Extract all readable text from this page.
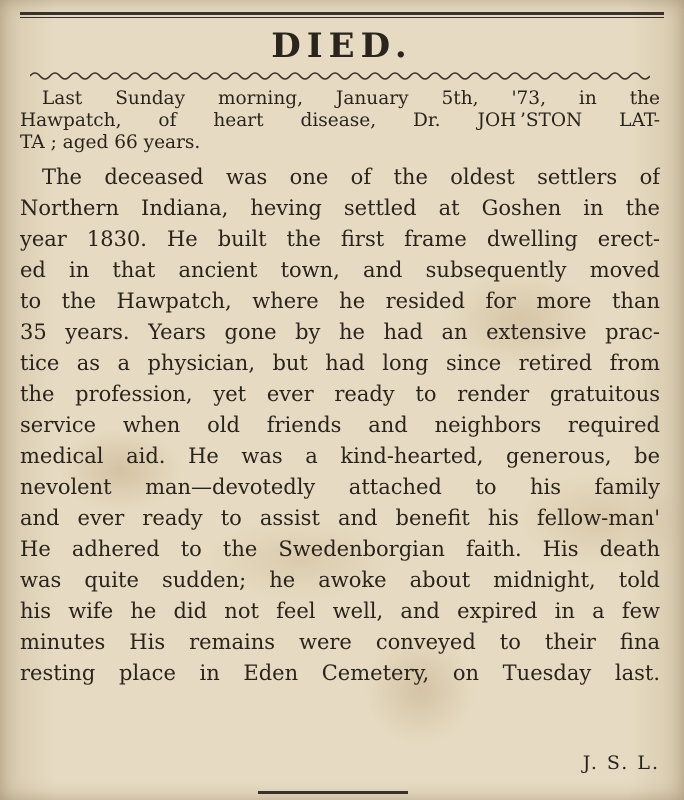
DIED.
Last Sunday morning, January 5th, '73, in the
Hawpatch, of heart disease, Dr. JOH ’STON LAT-
TA ; aged 66 years.
The deceased was one of the oldest settlers of
Northern Indiana, heving settled at Goshen in the
year 1830. He built the first frame dwelling erect-
ed in that ancient town, and subsequently moved
to the Hawpatch, where he resided for more than
35 years. Years gone by he had an extensive prac-
tice as a physician, but had long since retired from
the profession, yet ever ready to render gratuitous
service when old friends and neighbors required
medical aid. He was a kind-hearted, generous, be
nevolent man—devotedly attached to his family
and ever ready to assist and benefit his fellow-man'
He adhered to the Swedenborgian faith. His death
was quite sudden; he awoke about midnight, told
his wife he did not feel well, and expired in a few
minutes His remains were conveyed to their fina
resting place in Eden Cemetery, on Tuesday last.
J. S. L.
